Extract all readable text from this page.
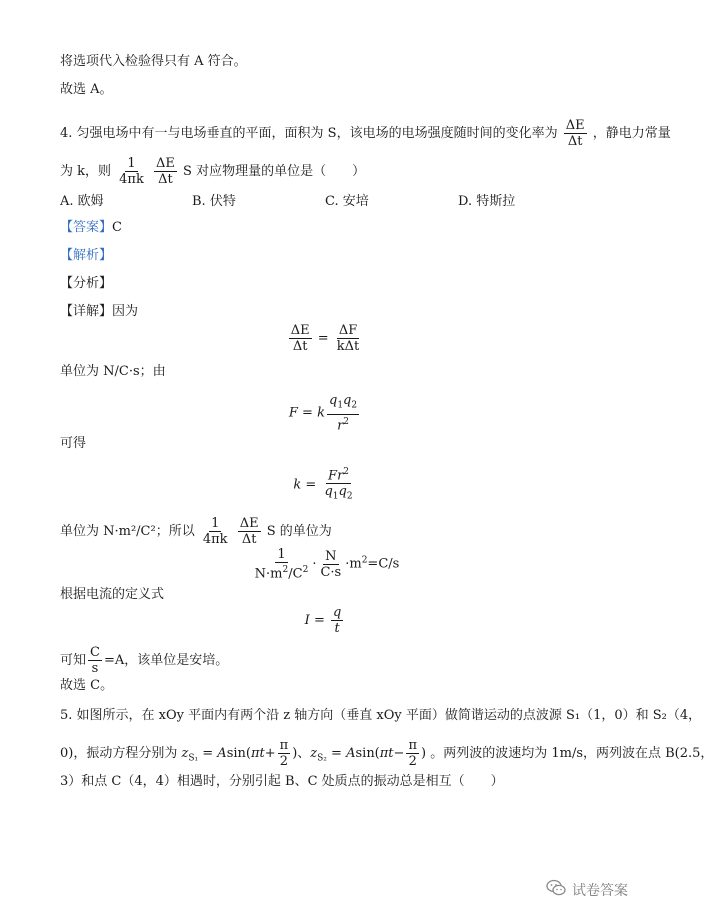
将选项代入检验得只有 A 符合。
故选 A。
4. 匀强电场中有一与电场垂直的平面，面积为 S，该电场的电场强度随时间的变化率为 $\frac{\Delta E}{\Delta t}$ ，静电力常量
为 k，则 $\frac{1}{4\pi k}$
$\frac{\Delta E}{\Delta t}$ S 对应物理量的单位是（　　）
A. 欧姆	B. 伏特	C. 安培	D. 特斯拉
【答案】C
【解析】
【分析】
【详解】因为
$\frac{\Delta E}{\Delta t} = \frac{\Delta F}{\text{kΔt}}$
单位为 N/C·s；由
F = k $\frac{q_1q_2}{r^2}$
可得
$k = \frac{Fr^2}{q_1q_2}$
单位为 N·m²/C²；所以 $\frac{1}{4\pi k}$
$\frac{\Delta E}{\Delta t}$ S 的单位为
$\frac{1}{N\cdot m^2/C^2} \cdot \frac{N}{C\cdot s} \cdot m^2=C/s$
根据电流的定义式
$I = \frac{q}{t}$
可知 $\frac{C}{s} =A$，该单位是安培。
故选 C。
5. 如图所示，在 xOy 平面内有两个沿 z 轴方向（垂直 xOy 平面）做简谐运动的点波源 S₁（1，0）和 S₂（4，
0)，振动方程分别为 $z_{S_1} = Asin(\pi t+ \frac{\pi}{2}$ )、$z_{S_2} = Asin(\pi t- \frac{\pi}{2}$ ) 。两列波的波速均为 1m/s，两列波在点 B(2.5，
3）和点 C（4，4）相遇时，分别引起 B、C 处质点的振动总是相互（　　）
试卷答案
